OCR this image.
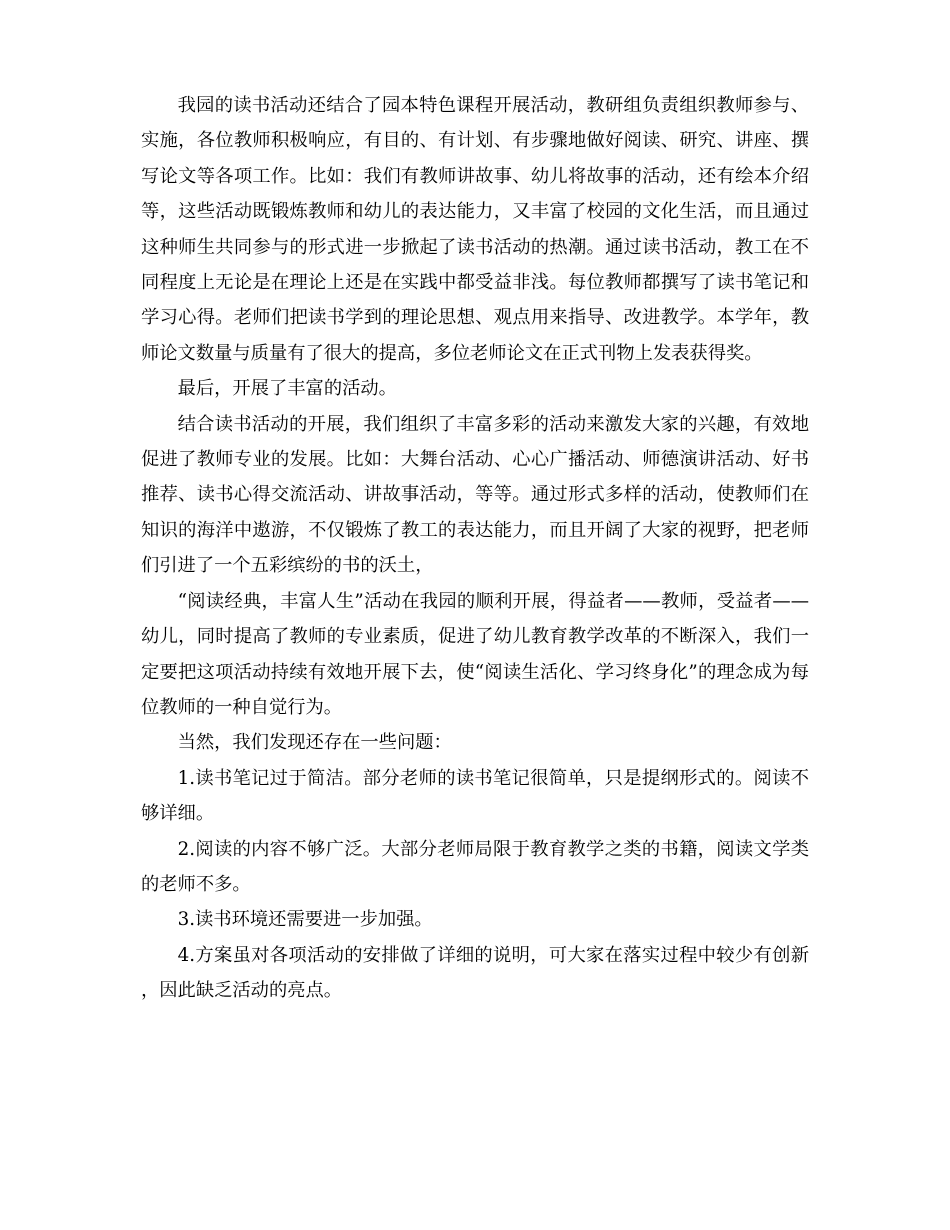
我园的读书活动还结合了园本特色课程开展活动，教研组负责组织教师参与、实施，各位教师积极响应，有目的、有计划、有步骤地做好阅读、研究、讲座、撰写论文等各项工作。比如：我们有教师讲故事、幼儿将故事的活动，还有绘本介绍等，这些活动既锻炼教师和幼儿的表达能力，又丰富了校园的文化生活，而且通过这种师生共同参与的形式进一步掀起了读书活动的热潮。通过读书活动，教工在不同程度上无论是在理论上还是在实践中都受益非浅。每位教师都撰写了读书笔记和学习心得。老师们把读书学到的理论思想、观点用来指导、改进教学。本学年，教师论文数量与质量有了很大的提高，多位老师论文在正式刊物上发表获得奖。

最后，开展了丰富的活动。

结合读书活动的开展，我们组织了丰富多彩的活动来激发大家的兴趣，有效地促进了教师专业的发展。比如：大舞台活动、心心广播活动、师德演讲活动、好书推荐、读书心得交流活动、讲故事活动，等等。通过形式多样的活动，使教师们在知识的海洋中遨游，不仅锻炼了教工的表达能力，而且开阔了大家的视野，把老师们引进了一个五彩缤纷的书的沃土，

“阅读经典，丰富人生”活动在我园的顺利开展，得益者——教师，受益者——幼儿，同时提高了教师的专业素质，促进了幼儿教育教学改革的不断深入，我们一定要把这项活动持续有效地开展下去，使“阅读生活化、学习终身化”的理念成为每位教师的一种自觉行为。

当然，我们发现还存在一些问题：

1.读书笔记过于简洁。部分老师的读书笔记很简单，只是提纲形式的。阅读不够详细。

2.阅读的内容不够广泛。大部分老师局限于教育教学之类的书籍，阅读文学类的老师不多。

3.读书环境还需要进一步加强。

4.方案虽对各项活动的安排做了详细的说明，可大家在落实过程中较少有创新，因此缺乏活动的亮点。
